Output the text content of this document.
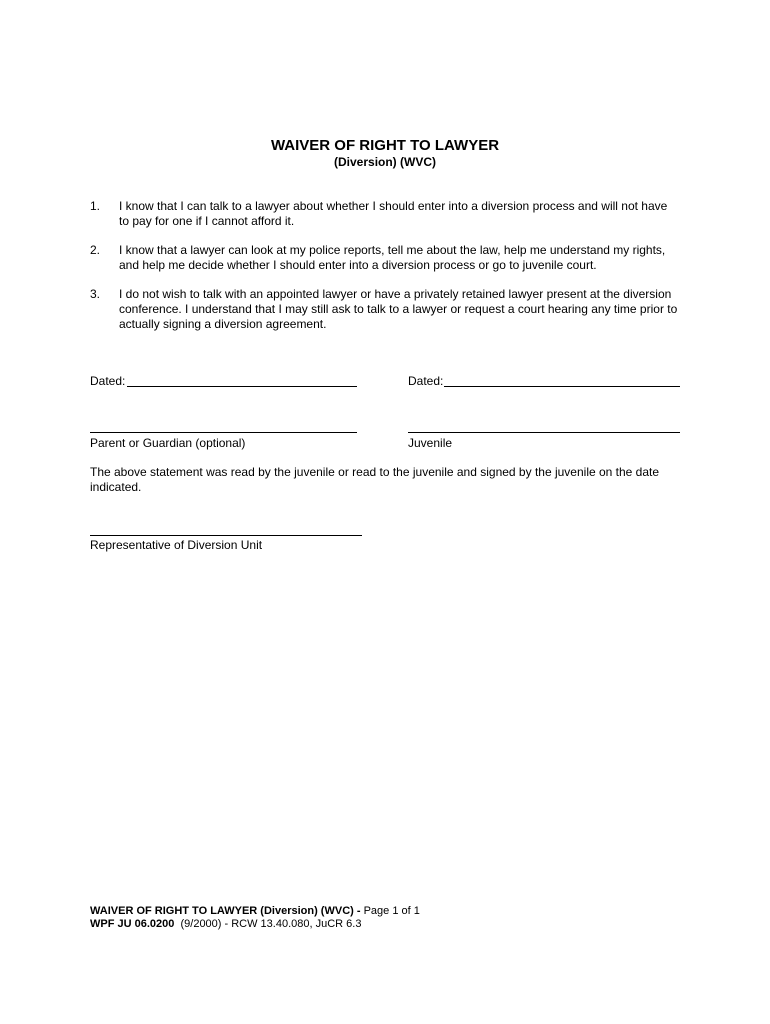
WAIVER OF RIGHT TO LAWYER
(Diversion) (WVC)
1. I know that I can talk to a lawyer about whether I should enter into a diversion process and will not have to pay for one if I cannot afford it.
2. I know that a lawyer can look at my police reports, tell me about the law, help me understand my rights, and help me decide whether I should enter into a diversion process or go to juvenile court.
3. I do not wish to talk with an appointed lawyer or have a privately retained lawyer present at the diversion conference. I understand that I may still ask to talk to a lawyer or request a court hearing any time prior to actually signing a diversion agreement.
Dated:	Dated:
Parent or Guardian (optional)	Juvenile
The above statement was read by the juvenile or read to the juvenile and signed by the juvenile on the date indicated.
Representative of Diversion Unit
WAIVER OF RIGHT TO LAWYER (Diversion) (WVC) - Page 1 of 1
WPF JU 06.0200  (9/2000) - RCW 13.40.080, JuCR 6.3
